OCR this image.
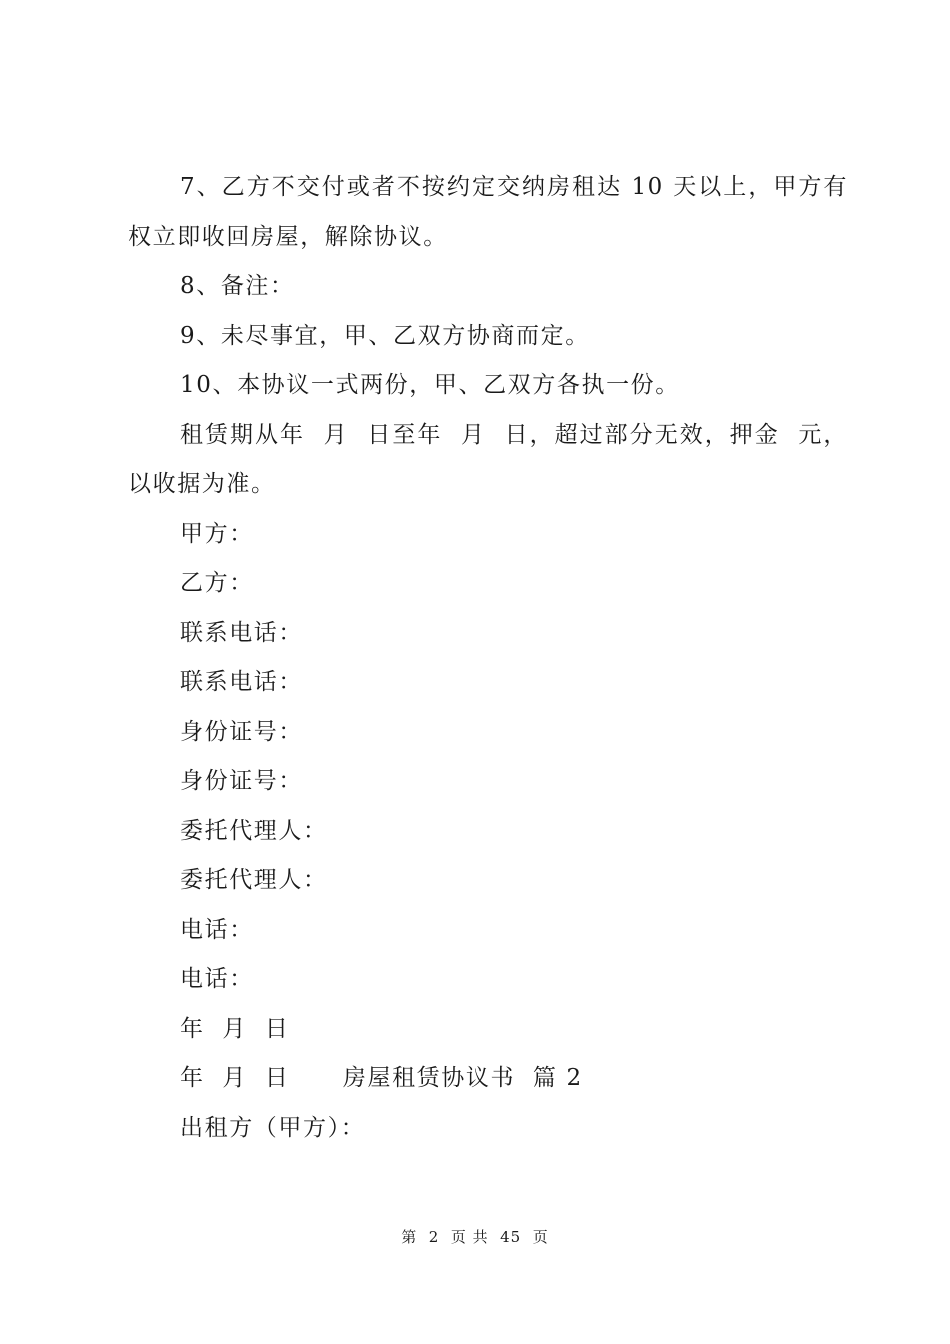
7、乙方不交付或者不按约定交纳房租达 10 天以上，甲方有权立即收回房屋，解除协议。

8、备注：

9、未尽事宜，甲、乙双方协商而定。

10、本协议一式两份，甲、乙双方各执一份。

租赁期从年  月  日至年  月  日，超过部分无效，押金  元，以收据为准。

甲方：

乙方：

联系电话：

联系电话：

身份证号：

身份证号：

委托代理人：

委托代理人：

电话：

电话：

年  月  日

年  月  日      房屋租赁协议书  篇 2

出租方（甲方）：

第  2  页 共  45  页
